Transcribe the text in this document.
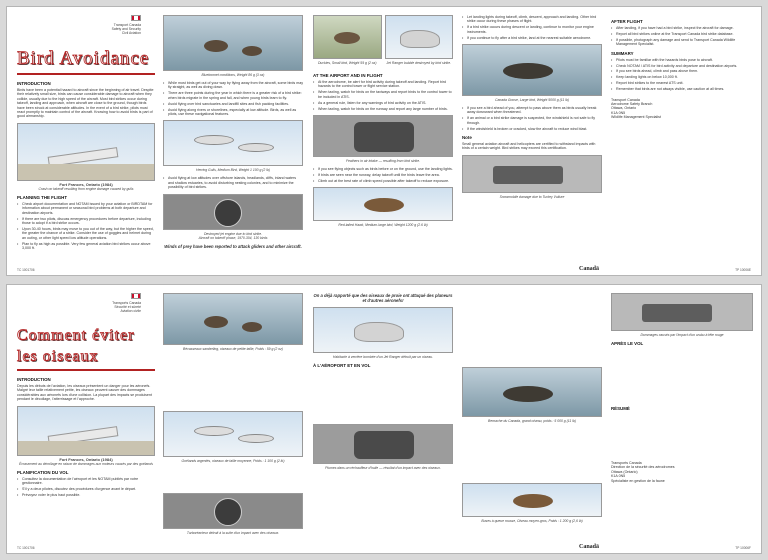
Transport Canada
Safety and Security
Civil Aviation
Bird Avoidance
INTRODUCTION
Birds have been a potential hazard to aircraft since the beginning of air travel. Despite their relatively small size, birds can cause considerable damage to aircraft when they collide, usually due to the high speed of the aircraft. Most bird strikes occur during takeoff, landing and approach, when aircraft are close to the ground, though birds have been struck at considerable altitudes. In the event of a bird strike, pilots must react promptly to maintain control of the aircraft. Knowing how to avoid birds is part of good airmanship.
Fort Frances, Ontario (1984)
Crash on takeoff resulting from engine damage caused by gulls
PLANNING THE FLIGHT
• Check airport documentation and NOTAM issued by your aviation or BIRDTAM for information about permanent or seasonal bird problems at both departure and destination airports.
• If there are two pilots, discuss emergency procedures before departure, including those to adopt if a bird strike occurs.
• Upon 30-40 hours, birds may move to you out of the way, but the higher the speed, the greater the chance of a strike. Consider the use of goggles and helmet during an outing, or other light speed low altitude operations.
• Plan to fly as high as possible. Very few general aviation bird strikes occur above 3,000 ft.
Bluebonnet conditions, Weight 86 g (3 oz)
• While most birds get out of your way by flying away from the aircraft, some birds may fly straight, as well as diving down.
• There are three points during the year in which there is a greater risk of a bird strike: when birds migrate in the spring and fall, and when young birds learn to fly.
• Avoid flying over bird sanctuaries and landfill sites and fish packing facilities.
• Avoid flying along rivers or shorelines, especially at low altitude. Birds, as well as pilots, use these navigational features.
Herring Gulls, Medium Bird, Weight 1 100 g (2 lb)
• Avoid flying at low altitudes over offshore islands, headlands, cliffs, inland waters and shallow estuaries, to avoid disturbing nesting colonies, and to minimize the possibility of bird strikes.
Destroyed jet engine due to bird strike.
Aircraft on takeoff phase, 1970-304, 130 birds
Winds of prey have been reported to attack gliders and other aircraft.
Duckies, Small bird, Weight 59 g (2 oz)	Jet Ranger bubble destroyed by bird strike.
AT THE AIRPORT AND IN FLIGHT
• At the aerodrome, be alert for bird activity during takeoff and landing. Report bird hazards to the control tower or flight service station.
• When taxiing, watch for birds on the taxiways and report birds to the control tower to be included in ATIS.
• As a general rule, listen for any warnings of bird activity on the ATIS.
• When taxiing, watch for birds on the runway and report any large number of birds.
Feathers in air intake — resulting from bird strike.
• If you see flying objects such as birds before or on the ground, use the landing lights.
• If birds are seen near the runway, delay takeoff until the birds leave the area.
• Climb out at the best rate of climb speed possible after takeoff to reduce exposure.
Red-tailed Hawk, Medium-large bird, Weight 1200 g (2.6 lb)
• Let landing lights during takeoff, climb, descent, approach and landing. Other bird strike occur during these phases of flight.
• If a bird strike occurs during descent or landing, continue to monitor your engine instruments.
• If you continue to fly after a bird strike, land at the nearest suitable aerodrome.
Canada Goose, Large bird, Weight 5000 g (11 lb)
• If you see a bird ahead of you, attempt to pass above them as birds usually break away downward when threatened.
• If an animal or a bird strike damage is suspected, the windshield is not safe to fly through.
• If the windshield is broken or cracked, slow the aircraft to reduce wind blast.
Note
Small general aviation aircraft and helicopters are certified to withstand impacts with birds of a certain weight. Bird strikes may exceed this certification.
Snowmobile damage due to Turkey Vulture
AFTER FLIGHT
• After landing, if you have had a bird strike, inspect the aircraft for damage.
• Report all bird strikes online at the Transport Canada bird strike database.
• If possible, photograph any damage and send to Transport Canada Wildlife Management Specialist.
SUMMARY
• Pilots must be familiar with the hazards birds pose to aircraft.
• Check NOTAM / ATIS for bird activity and departure and destination airports.
• If you see birds ahead, climb and pass above them.
• Keep landing lights on below 10,000 ft.
• Report bird strikes to the nearest ATS unit.
• Remember that birds are not always visible, use caution at all times.
Transport Canada
Aerodrome Safety Branch
Ottawa, Ontario
K1A 0N5
Wildlife Management Specialist
TC 1001706	Canadä	TP 10006E
Transports Canada
Sécurité et sûreté
Aviation civile
Comment éviter
les oiseaux
INTRODUCTION
Depuis les débuts de l'aviation, les oiseaux présentent un danger pour les aéronefs. Malgré leur taille relativement petite, les oiseaux peuvent causer des dommages considérables aux aéronefs lors d'une collision. La plupart des impacts se produisent pendant le décollage, l'atterrissage et l'approche.
Fort Frances, Ontario (1984)
Écrasement au décollage en raison de dommages aux moteurs causés par des goélands
PLANIFICATION DU VOL
• Consultez la documentation de l'aéroport et les NOTAM publiés par votre gestionnaire.
• S'il y a deux pilotes, discutez des procédures d'urgence avant le départ.
• Prévoyez voler le plus haut possible.
Bécasseaux sanderling, oiseaux de petite taille, Poids : 59 g (2 oz)
Goélands argentés, oiseaux de taille moyenne, Poids : 1 100 g (2 lb)
Turboréacteur détruit à la suite d'un impact avec des oiseaux.
On a déjà rapporté que des oiseaux de proie ont attaqué des planeurs et d'autres aéronefs!
Habitacle à verrière bombée d'un Jet Ranger détruit par un oiseau.
À L'AÉROPORT ET EN VOL
Plumes dans un réchauffeur d'huile — résultat d'un impact avec des oiseaux.
Bernache du Canada, grand oiseau, poids : 5 000 g (11 lb)
Buses à queue rousse, Oiseau moyen-gros, Poids : 1 200 g (2,6 lb)
Dommages causés par l'impact d'un urubu à tête rouge
APRÈS LE VOL
RÉSUMÉ
Transports Canada
Direction de la sécurité des aérodromes
Ottawa (Ontario)
K1A 0N5
Spécialiste en gestion de la faune
TC 1001706	Canadä	TP 10006F
